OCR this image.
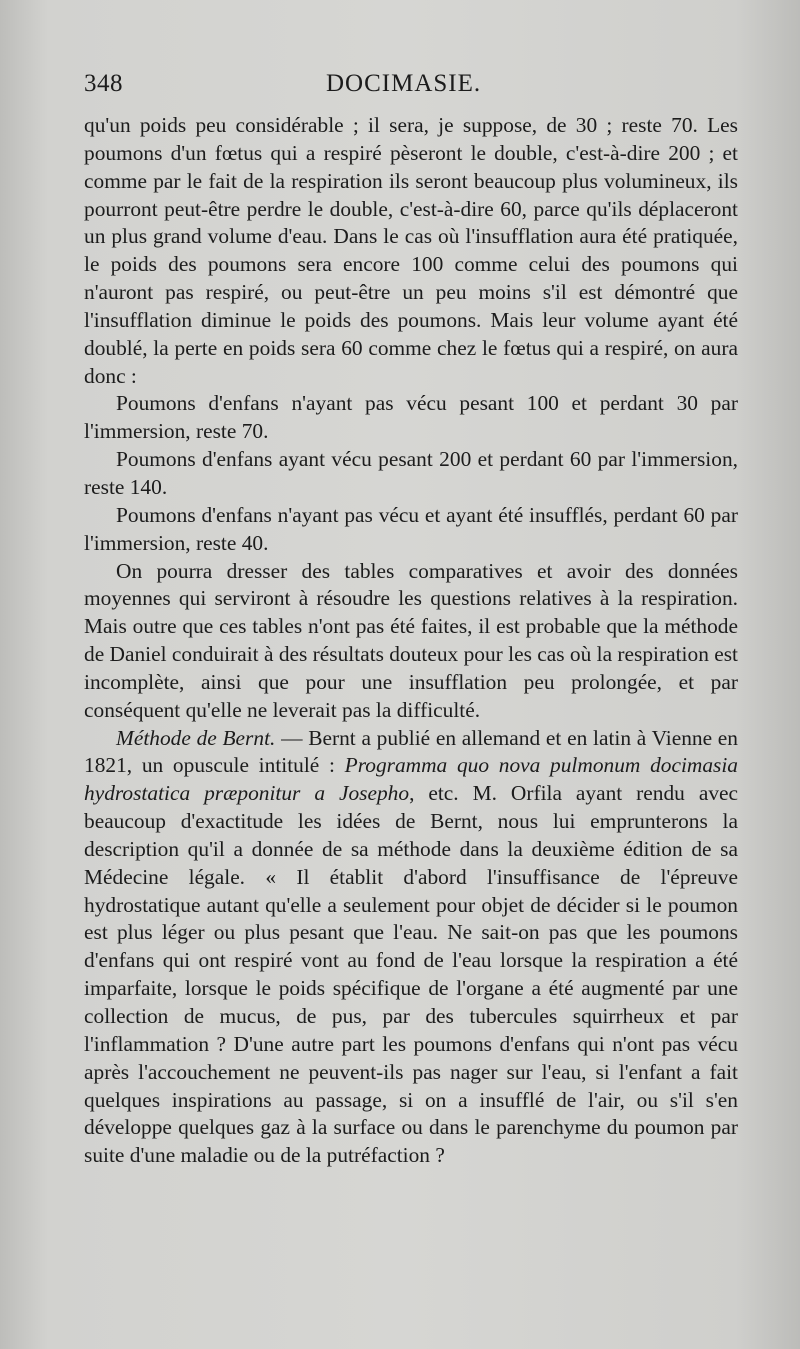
348	DOCIMASIE.

qu'un poids peu considérable ; il sera, je suppose, de 30 ; reste 70. Les poumons d'un fœtus qui a respiré pèseront le double, c'est-à-dire 200 ; et comme par le fait de la respiration ils seront beaucoup plus volumineux, ils pourront peut-être perdre le double, c'est-à-dire 60, parce qu'ils déplaceront un plus grand volume d'eau. Dans le cas où l'insufflation aura été pratiquée, le poids des poumons sera encore 100 comme celui des poumons qui n'auront pas respiré, ou peut-être un peu moins s'il est démontré que l'insufflation diminue le poids des poumons. Mais leur volume ayant été doublé, la perte en poids sera 60 comme chez le fœtus qui a respiré, on aura donc :

Poumons d'enfans n'ayant pas vécu pesant 100 et perdant 30 par l'immersion, reste 70.

Poumons d'enfans ayant vécu pesant 200 et perdant 60 par l'immersion, reste 140.

Poumons d'enfans n'ayant pas vécu et ayant été insufflés, perdant 60 par l'immersion, reste 40.

On pourra dresser des tables comparatives et avoir des données moyennes qui serviront à résoudre les questions relatives à la respiration. Mais outre que ces tables n'ont pas été faites, il est probable que la méthode de Daniel conduirait à des résultats douteux pour les cas où la respiration est incomplète, ainsi que pour une insufflation peu prolongée, et par conséquent qu'elle ne leverait pas la difficulté.

Méthode de Bernt. — Bernt a publié en allemand et en latin à Vienne en 1821, un opuscule intitulé : Programma quo nova pulmonum docimasia hydrostatica præponitur a Josepho, etc. M. Orfila ayant rendu avec beaucoup d'exactitude les idées de Bernt, nous lui emprunterons la description qu'il a donnée de sa méthode dans la deuxième édition de sa Médecine légale. « Il établit d'abord l'insuffisance de l'épreuve hydrostatique autant qu'elle a seulement pour objet de décider si le poumon est plus léger ou plus pesant que l'eau. Ne sait-on pas que les poumons d'enfans qui ont respiré vont au fond de l'eau lorsque la respiration a été imparfaite, lorsque le poids spécifique de l'organe a été augmenté par une collection de mucus, de pus, par des tubercules squirrheux et par l'inflammation ? D'une autre part les poumons d'enfans qui n'ont pas vécu après l'accouchement ne peuvent-ils pas nager sur l'eau, si l'enfant a fait quelques inspirations au passage, si on a insufflé de l'air, ou s'il s'en développe quelques gaz à la surface ou dans le parenchyme du poumon par suite d'une maladie ou de la putréfaction ?
